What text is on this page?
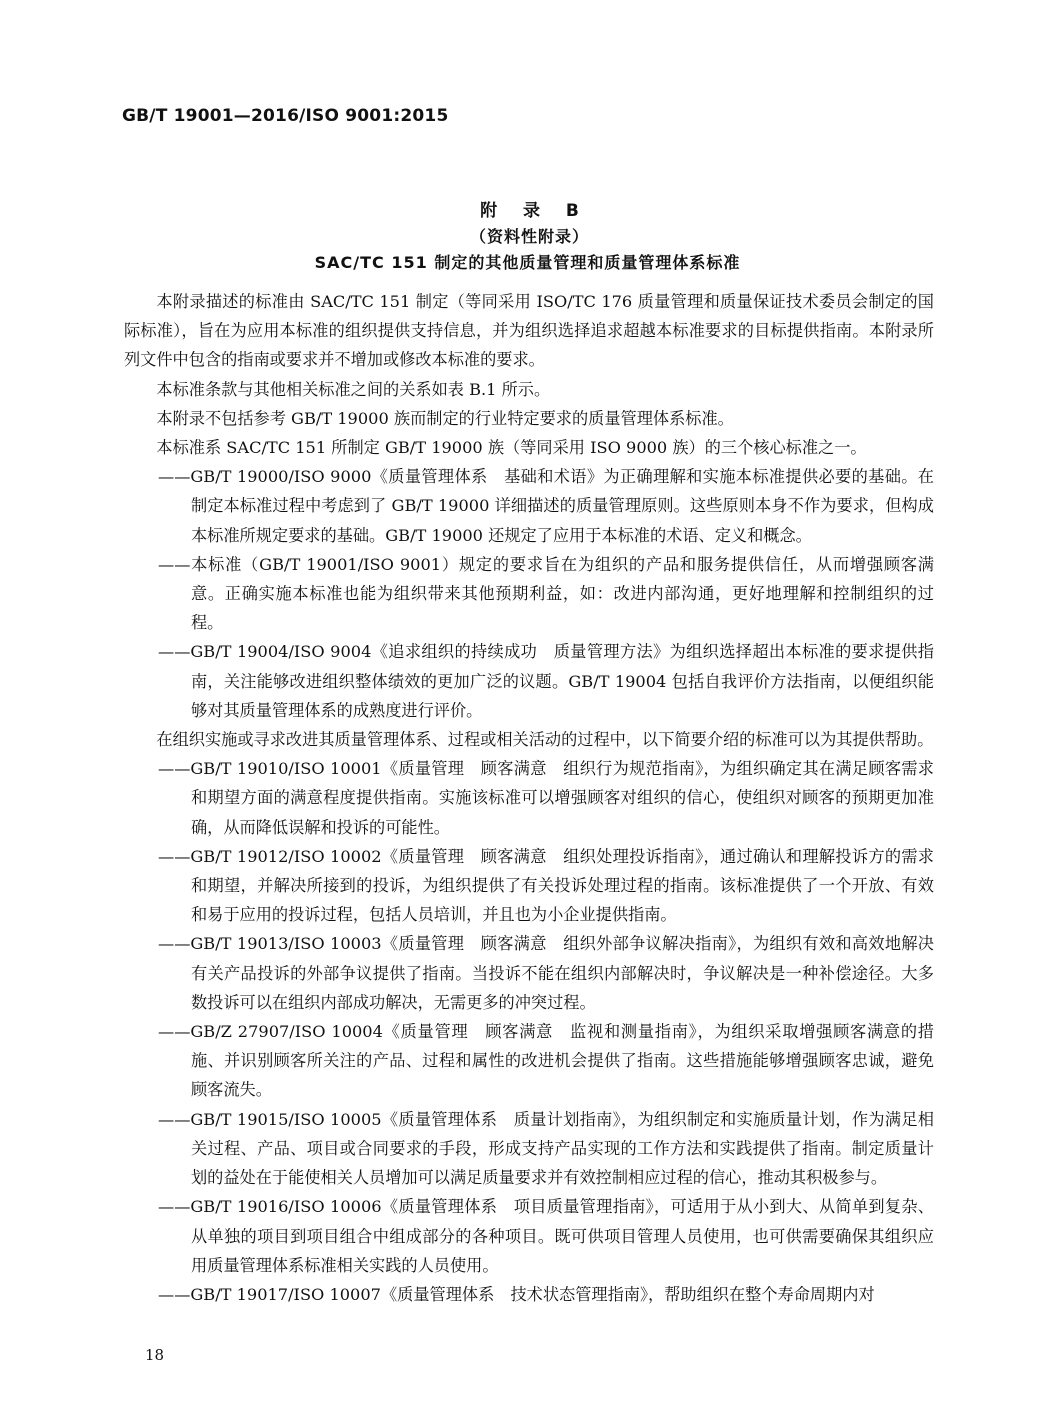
GB/T 19001—2016/ISO 9001:2015
附 录 B
（资料性附录）
SAC/TC 151 制定的其他质量管理和质量管理体系标准

本附录描述的标准由 SAC/TC 151 制定（等同采用 ISO/TC 176 质量管理和质量保证技术委员会制定的国际标准），旨在为应用本标准的组织提供支持信息，并为组织选择追求超越本标准要求的目标提供指南。本附录所列文件中包含的指南或要求并不增加或修改本标准的要求。

本标准条款与其他相关标准之间的关系如表 B.1 所示。

本附录不包括参考 GB/T 19000 族而制定的行业特定要求的质量管理体系标准。

本标准系 SAC/TC 151 所制定 GB/T 19000 族（等同采用 ISO 9000 族）的三个核心标准之一。

——GB/T 19000/ISO 9000《质量管理体系　基础和术语》为正确理解和实施本标准提供必要的基础。在制定本标准过程中考虑到了 GB/T 19000 详细描述的质量管理原则。这些原则本身不作为要求，但构成本标准所规定要求的基础。GB/T 19000 还规定了应用于本标准的术语、定义和概念。

——本标准（GB/T 19001/ISO 9001）规定的要求旨在为组织的产品和服务提供信任，从而增强顾客满意。正确实施本标准也能为组织带来其他预期利益，如：改进内部沟通，更好地理解和控制组织的过程。

——GB/T 19004/ISO 9004《追求组织的持续成功　质量管理方法》为组织选择超出本标准的要求提供指南，关注能够改进组织整体绩效的更加广泛的议题。GB/T 19004 包括自我评价方法指南，以便组织能够对其质量管理体系的成熟度进行评价。

在组织实施或寻求改进其质量管理体系、过程或相关活动的过程中，以下简要介绍的标准可以为其提供帮助。

——GB/T 19010/ISO 10001《质量管理　顾客满意　组织行为规范指南》，为组织确定其在满足顾客需求和期望方面的满意程度提供指南。实施该标准可以增强顾客对组织的信心，使组织对顾客的预期更加准确，从而降低误解和投诉的可能性。

——GB/T 19012/ISO 10002《质量管理　顾客满意　组织处理投诉指南》，通过确认和理解投诉方的需求和期望，并解决所接到的投诉，为组织提供了有关投诉处理过程的指南。该标准提供了一个开放、有效和易于应用的投诉过程，包括人员培训，并且也为小企业提供指南。

——GB/T 19013/ISO 10003《质量管理　顾客满意　组织外部争议解决指南》，为组织有效和高效地解决有关产品投诉的外部争议提供了指南。当投诉不能在组织内部解决时，争议解决是一种补偿途径。大多数投诉可以在组织内部成功解决，无需更多的冲突过程。

——GB/Z 27907/ISO 10004《质量管理　顾客满意　监视和测量指南》，为组织采取增强顾客满意的措施、并识别顾客所关注的产品、过程和属性的改进机会提供了指南。这些措施能够增强顾客忠诚，避免顾客流失。

——GB/T 19015/ISO 10005《质量管理体系　质量计划指南》，为组织制定和实施质量计划，作为满足相关过程、产品、项目或合同要求的手段，形成支持产品实现的工作方法和实践提供了指南。制定质量计划的益处在于能使相关人员增加可以满足质量要求并有效控制相应过程的信心，推动其积极参与。

——GB/T 19016/ISO 10006《质量管理体系　项目质量管理指南》，可适用于从小到大、从简单到复杂、从单独的项目到项目组合中组成部分的各种项目。既可供项目管理人员使用，也可供需要确保其组织应用质量管理体系标准相关实践的人员使用。

——GB/T 19017/ISO 10007《质量管理体系　技术状态管理指南》，帮助组织在整个寿命周期内对

18
